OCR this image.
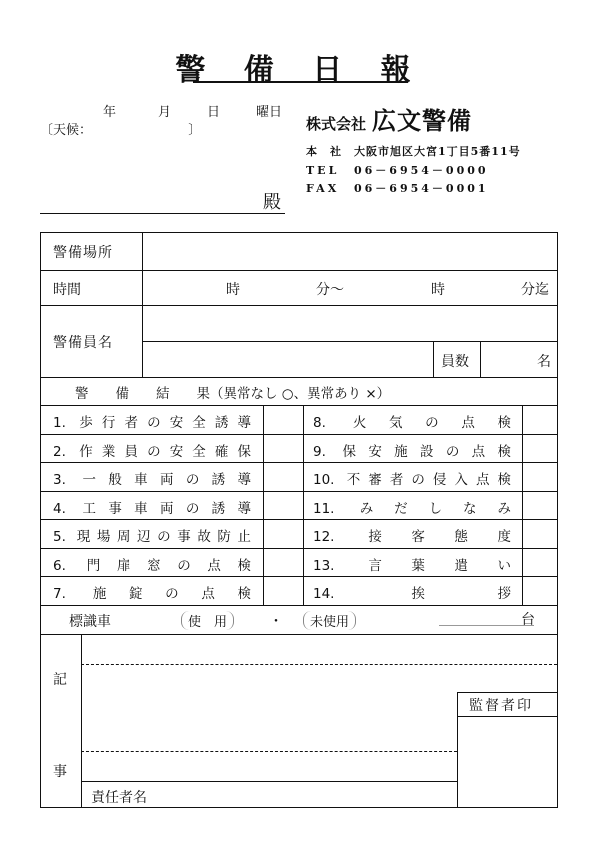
警 備 日 報
年	月	日	曜日
〔天候：	〕	株式会社 広文警備
本　社 大阪市旭区大宮1丁目5番11号
TEL 06－6954－0000
FAX 06－6954－0001
殿
警備場所
時間	時	分～	時	分迄
警備員名
員数	名
警　　備　　結　　果（異常なし ○、異常あり ×）
1. 歩行者の安全誘導	8. 火気の点検
2. 作業員の安全確保	9. 保安施設の点検
3. 一般車両の誘導	10. 不審者の侵入点検
4. 工事車両の誘導	11. みだしなみ
5. 現場周辺の事故防止	12. 接客態度
6. 門扉窓の点検	13. 言葉遣い
7. 施錠の点検	14. 挨拶
標識車	使　用	・	未使用	台
記
事
監督者印
責任者名
